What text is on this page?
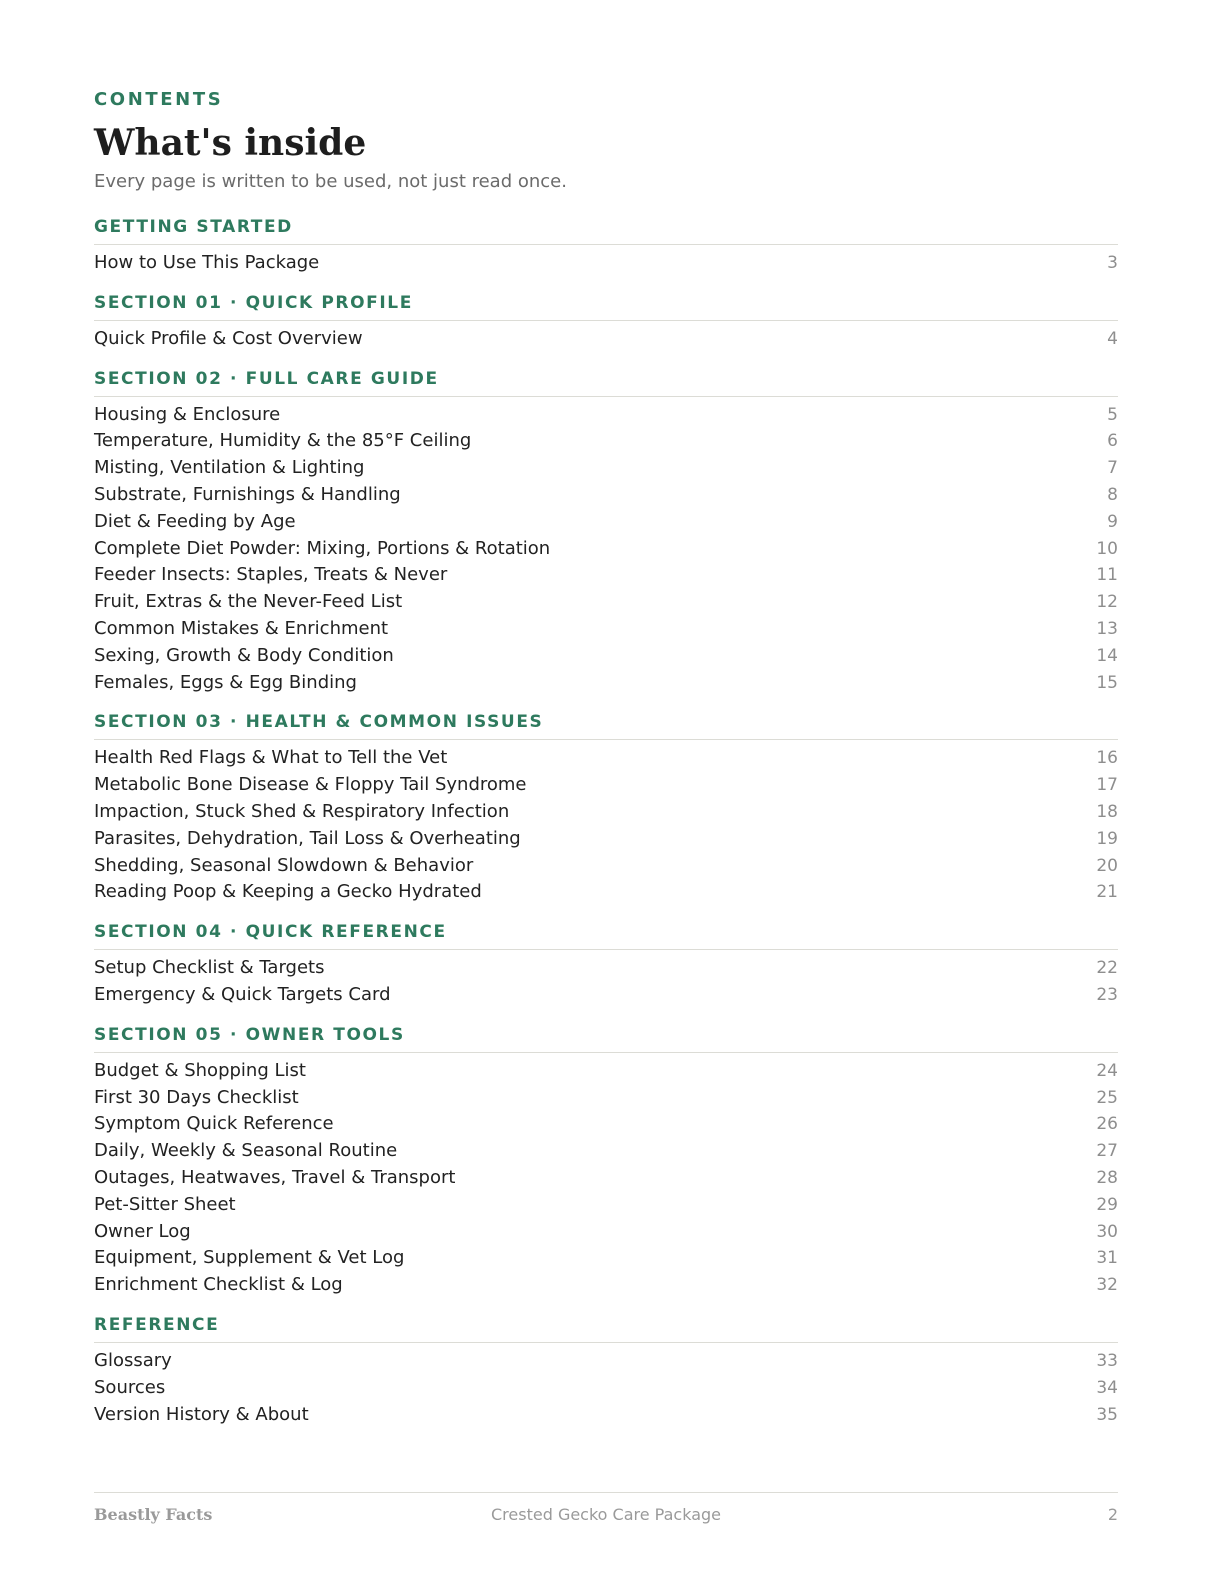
CONTENTS
What's inside
Every page is written to be used, not just read once.
GETTING STARTED
How to Use This Package	3
SECTION 01 · QUICK PROFILE
Quick Profile & Cost Overview	4
SECTION 02 · FULL CARE GUIDE
Housing & Enclosure	5
Temperature, Humidity & the 85°F Ceiling	6
Misting, Ventilation & Lighting	7
Substrate, Furnishings & Handling	8
Diet & Feeding by Age	9
Complete Diet Powder: Mixing, Portions & Rotation	10
Feeder Insects: Staples, Treats & Never	11
Fruit, Extras & the Never-Feed List	12
Common Mistakes & Enrichment	13
Sexing, Growth & Body Condition	14
Females, Eggs & Egg Binding	15
SECTION 03 · HEALTH & COMMON ISSUES
Health Red Flags & What to Tell the Vet	16
Metabolic Bone Disease & Floppy Tail Syndrome	17
Impaction, Stuck Shed & Respiratory Infection	18
Parasites, Dehydration, Tail Loss & Overheating	19
Shedding, Seasonal Slowdown & Behavior	20
Reading Poop & Keeping a Gecko Hydrated	21
SECTION 04 · QUICK REFERENCE
Setup Checklist & Targets	22
Emergency & Quick Targets Card	23
SECTION 05 · OWNER TOOLS
Budget & Shopping List	24
First 30 Days Checklist	25
Symptom Quick Reference	26
Daily, Weekly & Seasonal Routine	27
Outages, Heatwaves, Travel & Transport	28
Pet-Sitter Sheet	29
Owner Log	30
Equipment, Supplement & Vet Log	31
Enrichment Checklist & Log	32
REFERENCE
Glossary	33
Sources	34
Version History & About	35
Beastly Facts	Crested Gecko Care Package	2
